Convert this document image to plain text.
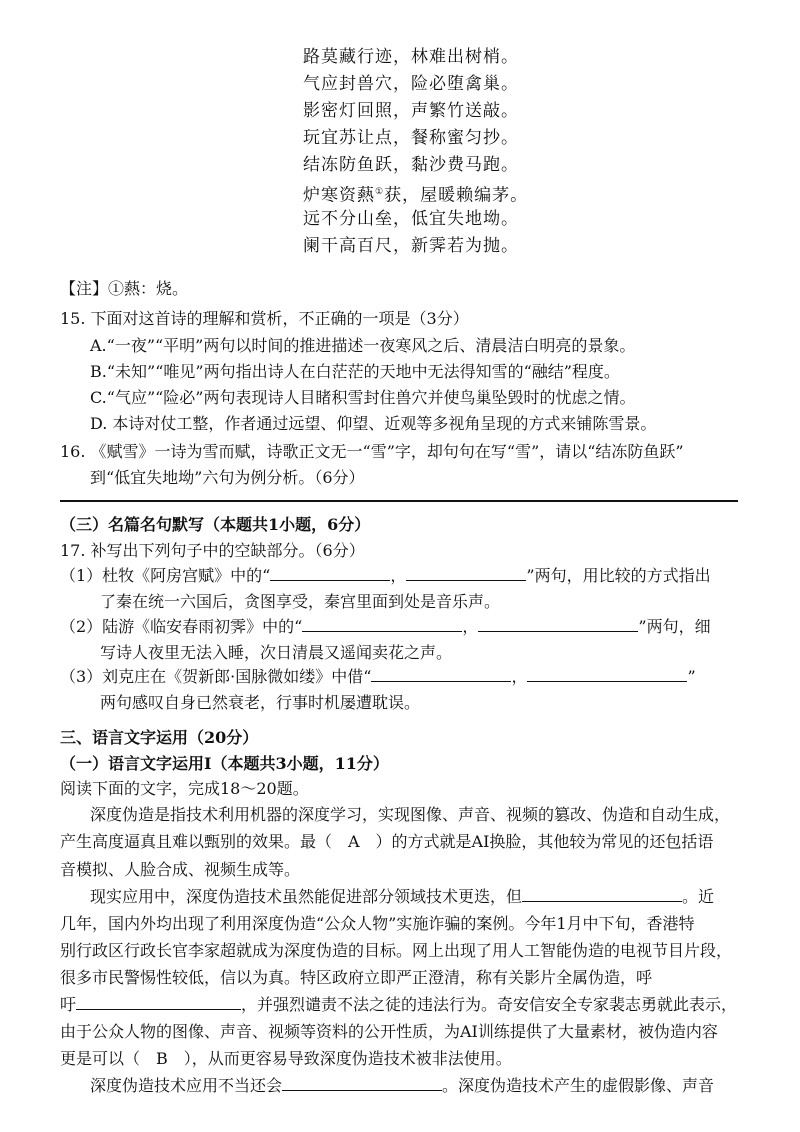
路莫藏行迹，林难出树梢。
气应封兽穴，险必堕禽巢。
影密灯回照，声繁竹送敲。
玩宜苏让点，餐称蜜匀抄。
结冻防鱼跃，黏沙费马跑。
炉寒资爇①获，屋暖赖编茅。
远不分山垒，低宜失地坳。
阑干高百尺，新霁若为抛。
【注】①爇：烧。
15. 下面对这首诗的理解和赏析，不正确的一项是（3分）
A.“一夜”“平明”两句以时间的推进描述一夜寒风之后、清晨洁白明亮的景象。
B.“未知”“唯见”两句指出诗人在白茫茫的天地中无法得知雪的“融结”程度。
C.“气应”“险必”两句表现诗人目睹积雪封住兽穴并使鸟巢坠毁时的忧虑之情。
D. 本诗对仗工整，作者通过远望、仰望、近观等多视角呈现的方式来铺陈雪景。
16. 《赋雪》一诗为雪而赋，诗歌正文无一“雪”字，却句句在写“雪”，请以“结冻防鱼跃”
到“低宜失地坳”六句为例分析。（6分）
（三）名篇名句默写（本题共1小题，6分）
17. 补写出下列句子中的空缺部分。（6分）
（1）杜牧《阿房宫赋》中的“	，	”两句，用比较的方式指出
了秦在统一六国后，贪图享受，秦宫里面到处是音乐声。
（2）陆游《临安春雨初霁》中的“	，	”两句，细
写诗人夜里无法入睡，次日清晨又遥闻卖花之声。
（3）刘克庄在《贺新郎·国脉微如缕》中借“	，	”
两句感叹自身已然衰老，行事时机屡遭耽误。
三、语言文字运用（20分）
（一）语言文字运用Ⅰ（本题共3小题，11分）
阅读下面的文字，完成18～20题。
深度伪造是指技术利用机器的深度学习，实现图像、声音、视频的篡改、伪造和自动生成，
产生高度逼真且难以甄别的效果。最（　A　）的方式就是AI换脸，其他较为常见的还包括语
音模拟、人脸合成、视频生成等。
现实应用中，深度伪造技术虽然能促进部分领域技术更迭，但	。近
几年，国内外均出现了利用深度伪造“公众人物”实施诈骗的案例。今年1月中下旬，香港特
别行政区行政长官李家超就成为深度伪造的目标。网上出现了用人工智能伪造的电视节目片段，
很多市民警惕性较低，信以为真。特区政府立即严正澄清，称有关影片全属伪造，呼
吁	，并强烈谴责不法之徒的违法行为。奇安信安全专家裴志勇就此表示，
由于公众人物的图像、声音、视频等资料的公开性质，为AI训练提供了大量素材，被伪造内容
更是可以（　B　），从而更容易导致深度伪造技术被非法使用。
深度伪造技术应用不当还会	。深度伪造技术产生的虚假影像、声音
